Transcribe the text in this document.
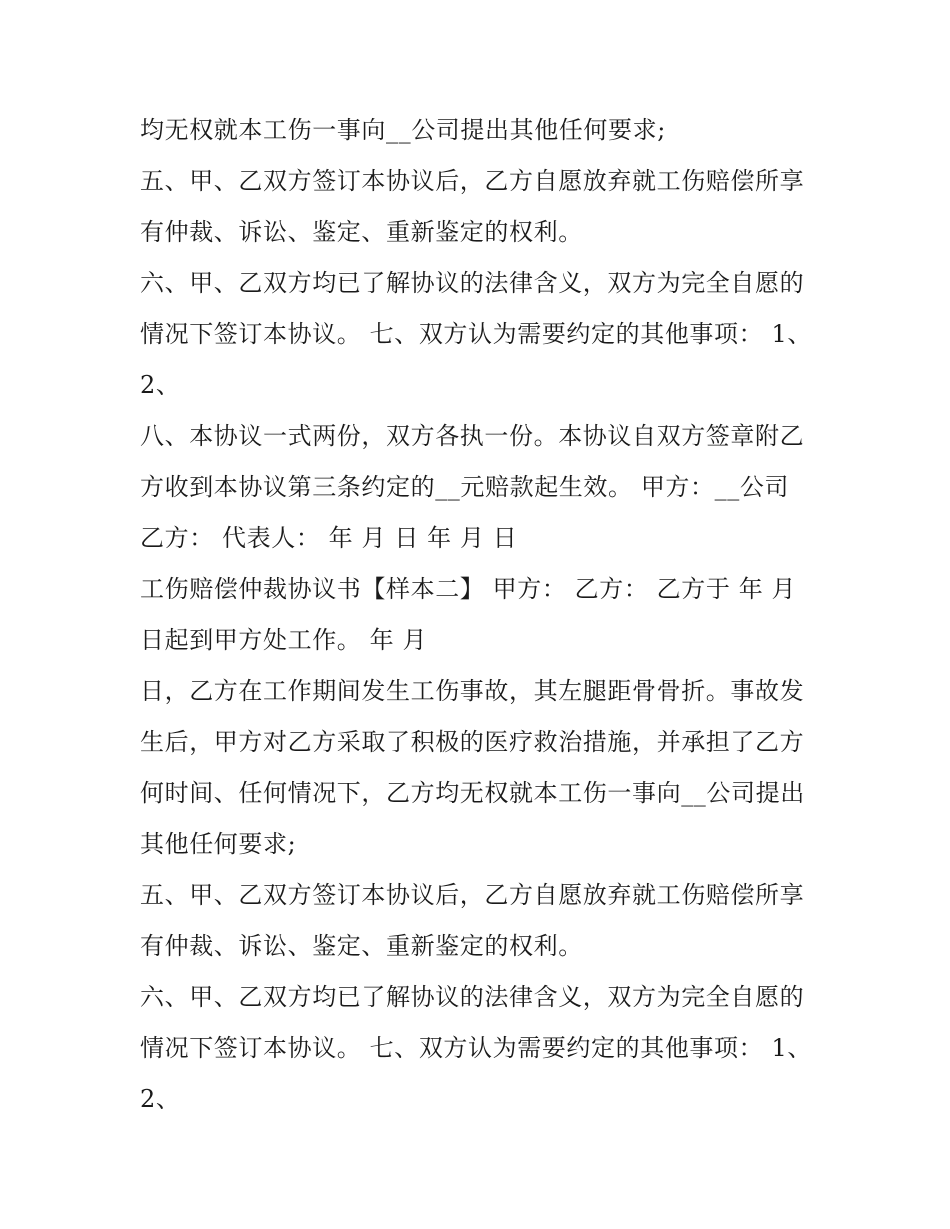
均无权就本工伤一事向__公司提出其他任何要求;
五、甲、乙双方签订本协议后，乙方自愿放弃就工伤赔偿所享
有仲裁、诉讼、鉴定、重新鉴定的权利。
六、甲、乙双方均已了解协议的法律含义，双方为完全自愿的
情况下签订本协议。 七、双方认为需要约定的其他事项： 1、
2、
八、本协议一式两份，双方各执一份。本协议自双方签章附乙
方收到本协议第三条约定的__元赔款起生效。 甲方：__公司
乙方： 代表人： 年 月 日 年 月 日
工伤赔偿仲裁协议书【样本二】 甲方： 乙方： 乙方于 年 月
日起到甲方处工作。 年 月
日，乙方在工作期间发生工伤事故，其左腿距骨骨折。事故发
生后，甲方对乙方采取了积极的医疗救治措施，并承担了乙方
何时间、任何情况下，乙方均无权就本工伤一事向__公司提出
其他任何要求;
五、甲、乙双方签订本协议后，乙方自愿放弃就工伤赔偿所享
有仲裁、诉讼、鉴定、重新鉴定的权利。
六、甲、乙双方均已了解协议的法律含义，双方为完全自愿的
情况下签订本协议。 七、双方认为需要约定的其他事项： 1、
2、
